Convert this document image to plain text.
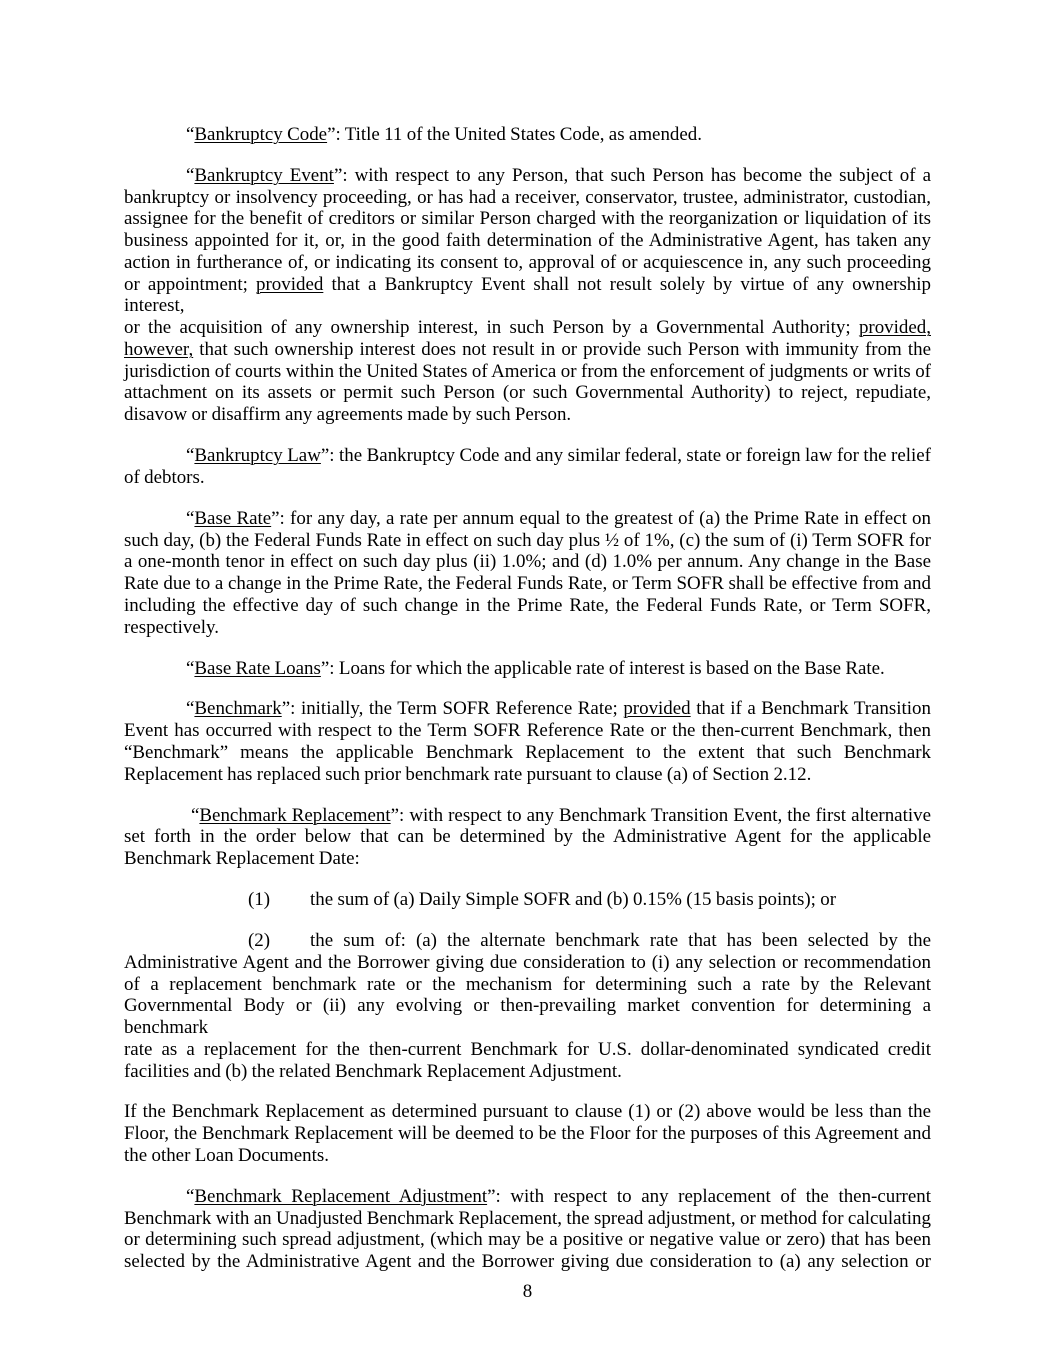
“Bankruptcy Code”: Title 11 of the United States Code, as amended.
“Bankruptcy Event”: with respect to any Person, that such Person has become the subject of a
bankruptcy or insolvency proceeding, or has had a receiver, conservator, trustee, administrator, custodian,
assignee for the benefit of creditors or similar Person charged with the reorganization or liquidation of its
business appointed for it, or, in the good faith determination of the Administrative Agent, has taken any
action in furtherance of, or indicating its consent to, approval of or acquiescence in, any such proceeding
or appointment; provided that a Bankruptcy Event shall not result solely by virtue of any ownership interest,
or the acquisition of any ownership interest, in such Person by a Governmental Authority; provided,
however, that such ownership interest does not result in or provide such Person with immunity from the
jurisdiction of courts within the United States of America or from the enforcement of judgments or writs of
attachment on its assets or permit such Person (or such Governmental Authority) to reject, repudiate,
disavow or disaffirm any agreements made by such Person.
“Bankruptcy Law”: the Bankruptcy Code and any similar federal, state or foreign law for the relief
of debtors.
“Base Rate”: for any day, a rate per annum equal to the greatest of (a) the Prime Rate in effect on
such day, (b) the Federal Funds Rate in effect on such day plus ½ of 1%, (c) the sum of (i) Term SOFR for
a one-month tenor in effect on such day plus (ii) 1.0%; and (d) 1.0% per annum. Any change in the Base
Rate due to a change in the Prime Rate, the Federal Funds Rate, or Term SOFR shall be effective from and
including the effective day of such change in the Prime Rate, the Federal Funds Rate, or Term SOFR,
respectively.
“Base Rate Loans”: Loans for which the applicable rate of interest is based on the Base Rate.
“Benchmark”: initially, the Term SOFR Reference Rate; provided that if a Benchmark Transition
Event has occurred with respect to the Term SOFR Reference Rate or the then-current Benchmark, then
“Benchmark” means the applicable Benchmark Replacement to the extent that such Benchmark
Replacement has replaced such prior benchmark rate pursuant to clause (a) of Section 2.12.
“Benchmark Replacement”: with respect to any Benchmark Transition Event, the first alternative
set forth in the order below that can be determined by the Administrative Agent for the applicable
Benchmark Replacement Date:
(1) the sum of (a) Daily Simple SOFR and (b) 0.15% (15 basis points); or
(2) the sum of: (a) the alternate benchmark rate that has been selected by the
Administrative Agent and the Borrower giving due consideration to (i) any selection or recommendation
of a replacement benchmark rate or the mechanism for determining such a rate by the Relevant
Governmental Body or (ii) any evolving or then-prevailing market convention for determining a benchmark
rate as a replacement for the then-current Benchmark for U.S. dollar-denominated syndicated credit
facilities and (b) the related Benchmark Replacement Adjustment.
If the Benchmark Replacement as determined pursuant to clause (1) or (2) above would be less than the
Floor, the Benchmark Replacement will be deemed to be the Floor for the purposes of this Agreement and
the other Loan Documents.
“Benchmark Replacement Adjustment”: with respect to any replacement of the then-current
Benchmark with an Unadjusted Benchmark Replacement, the spread adjustment, or method for calculating
or determining such spread adjustment, (which may be a positive or negative value or zero) that has been
selected by the Administrative Agent and the Borrower giving due consideration to (a) any selection or
8
